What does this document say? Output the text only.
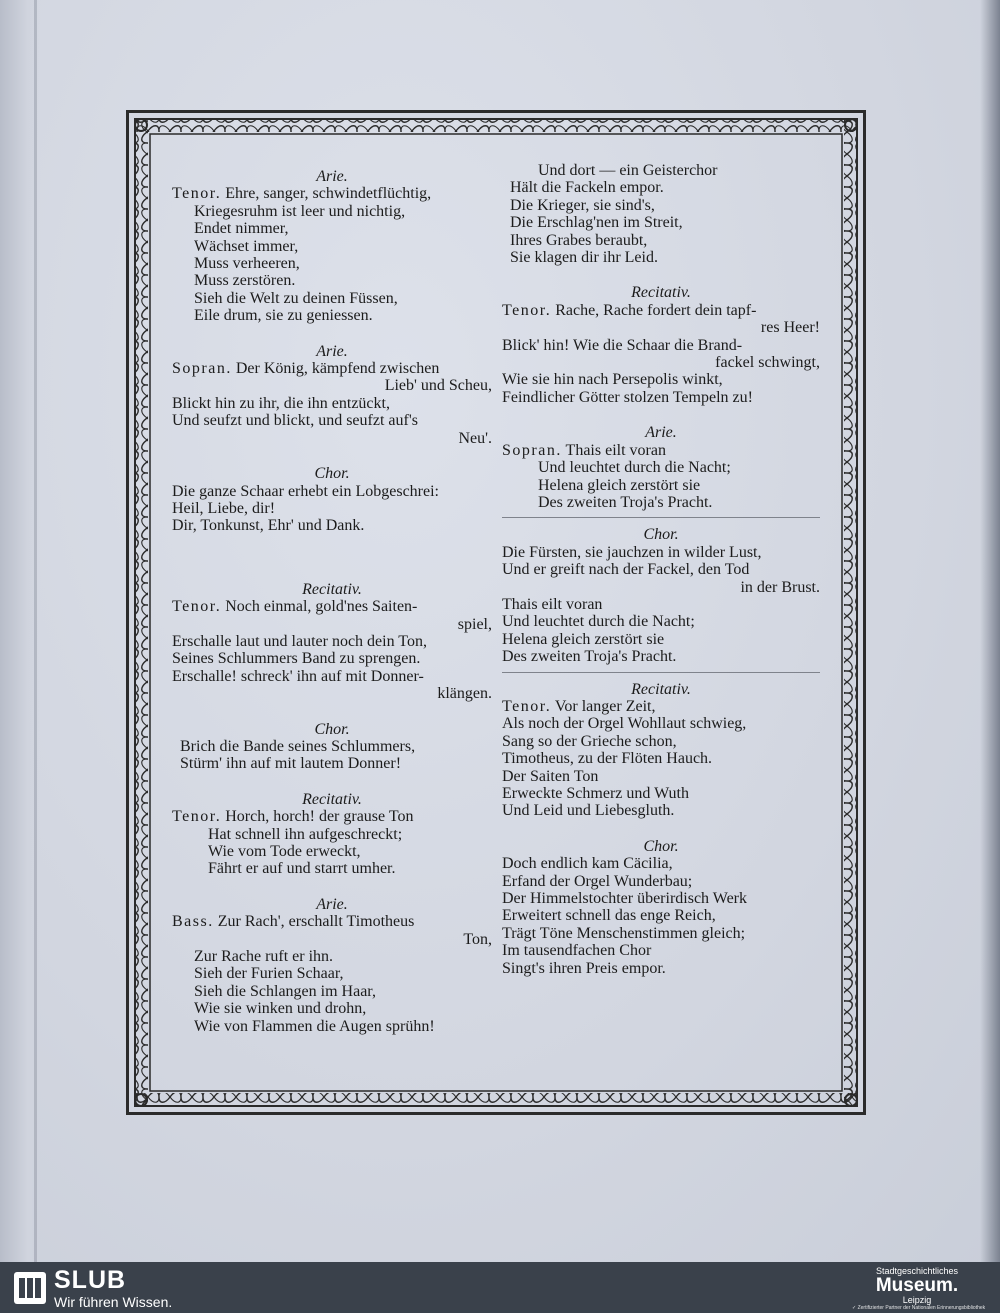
Arie.
Tenor. Ehre, sanger, schwindetflüchtig,
Kriegesruhm ist leer und nichtig,
Endet nimmer,
Wächset immer,
Muss verheeren,
Muss zerstören.
Sieh die Welt zu deinen Füssen,
Eile drum, sie zu geniessen.
Arie.
Sopran. Der König, kämpfend zwischen
Lieb' und Scheu,
Blickt hin zu ihr, die ihn entzückt,
Und seufzt und blickt, und seufzt auf's
Neu'.
Chor.
Die ganze Schaar erhebt ein Lobgeschrei:
Heil, Liebe, dir!
Dir, Tonkunst, Ehr' und Dank.
Recitativ.
Tenor. Noch einmal, gold'nes Saiten-
spiel,
Erschalle laut und lauter noch dein Ton,
Seines Schlummers Band zu sprengen.
Erschalle! schreck' ihn auf mit Donner-
klängen.
Chor.
Brich die Bande seines Schlummers,
Stürm' ihn auf mit lautem Donner!
Recitativ.
Tenor. Horch, horch! der grause Ton
Hat schnell ihn aufgeschreckt;
Wie vom Tode erweckt,
Fährt er auf und starrt umher.
Arie.
Bass. Zur Rach', erschallt Timotheus
Ton,
Zur Rache ruft er ihn.
Sieh der Furien Schaar,
Sieh die Schlangen im Haar,
Wie sie winken und drohn,
Wie von Flammen die Augen sprühn!
Und dort — ein Geisterchor
Hält die Fackeln empor.
Die Krieger, sie sind's,
Die Erschlag'nen im Streit,
Ihres Grabes beraubt,
Sie klagen dir ihr Leid.
Recitativ.
Tenor. Rache, Rache fordert dein tapf-
res Heer!
Blick' hin! Wie die Schaar die Brand-
fackel schwingt,
Wie sie hin nach Persepolis winkt,
Feindlicher Götter stolzen Tempeln zu!
Arie.
Sopran. Thais eilt voran
Und leuchtet durch die Nacht;
Helena gleich zerstört sie
Des zweiten Troja's Pracht.
Chor.
Die Fürsten, sie jauchzen in wilder Lust,
Und er greift nach der Fackel, den Tod
in der Brust.
Thais eilt voran
Und leuchtet durch die Nacht;
Helena gleich zerstört sie
Des zweiten Troja's Pracht.
Recitativ.
Tenor. Vor langer Zeit,
Als noch der Orgel Wohllaut schwieg,
Sang so der Grieche schon,
Timotheus, zu der Flöten Hauch.
Der Saiten Ton
Erweckte Schmerz und Wuth
Und Leid und Liebesgluth.
Chor.
Doch endlich kam Cäcilia,
Erfand der Orgel Wunderbau;
Der Himmelstochter überirdisch Werk
Erweitert schnell das enge Reich,
Trägt Töne Menschenstimmen gleich;
Im tausendfachen Chor
Singt's ihren Preis empor.
SLUB
Wir führen Wissen.
Stadtgeschichtliches
Museum.
Leipzig
✓ Zertifizierter Partner der Nationalen Erinnerungsbibliothek
